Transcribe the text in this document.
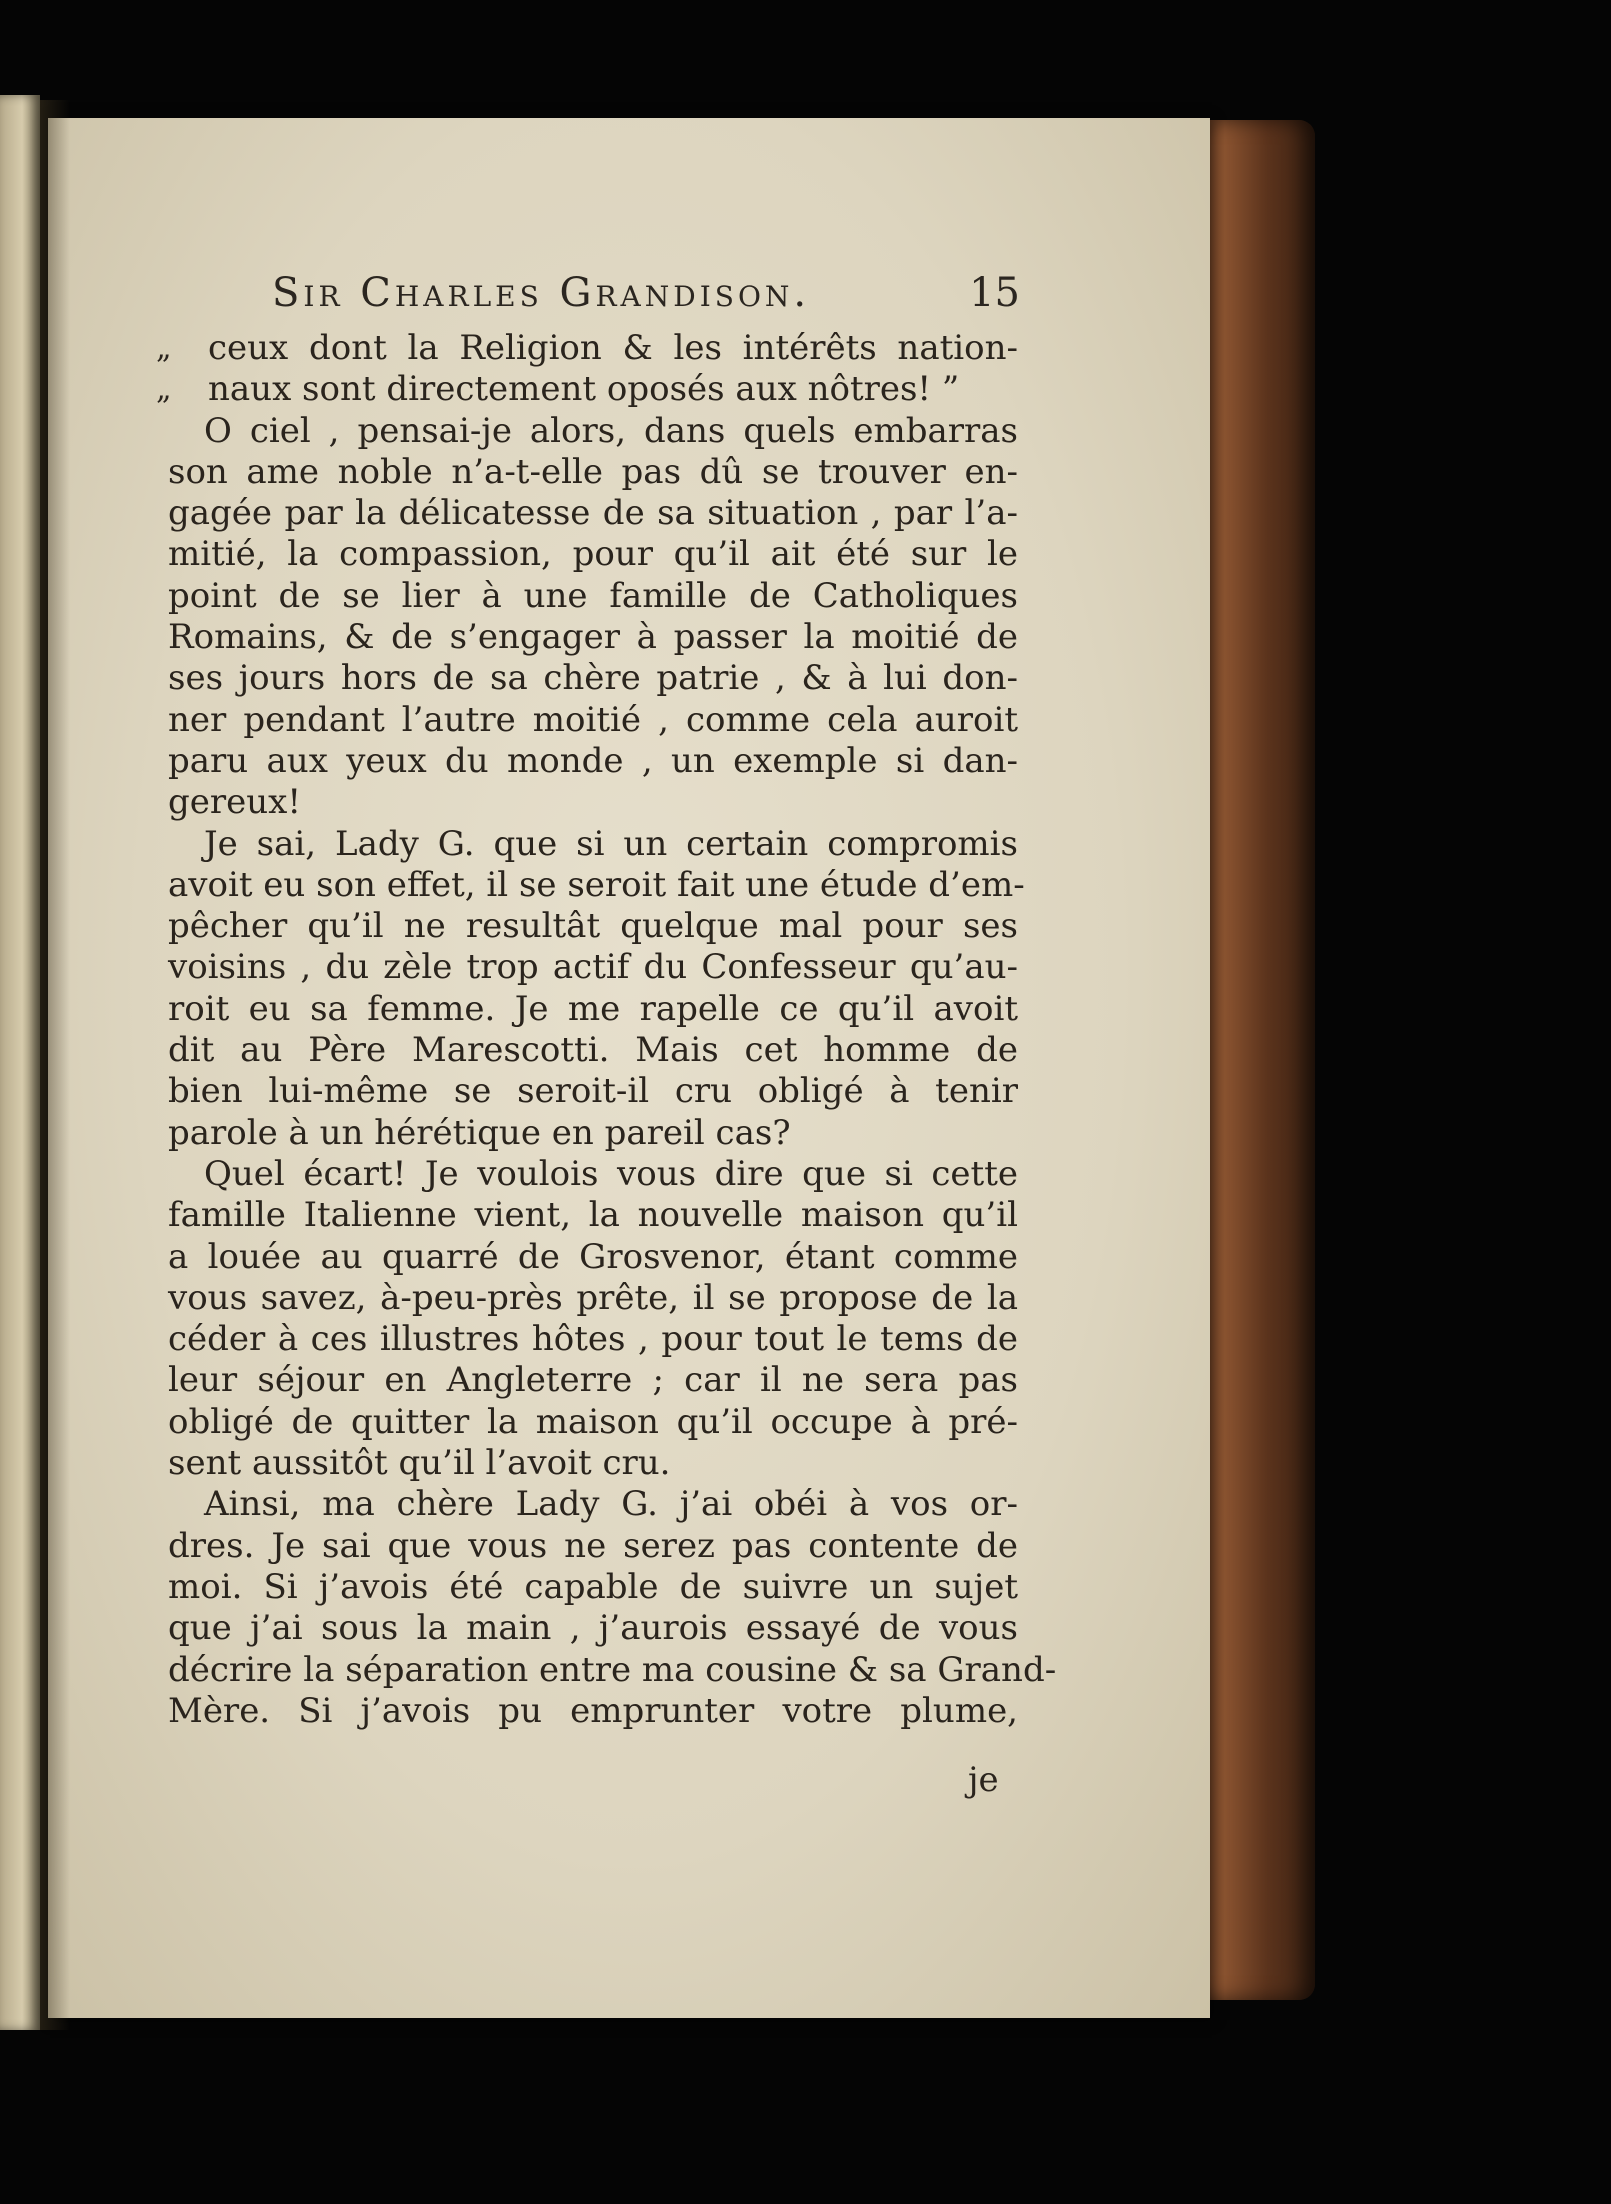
Sir Charles Grandison.	15
„ ceux dont la Religion & les intérêts nation-
„ naux sont directement oposés aux nôtres! ”
O ciel , pensai-je alors, dans quels embarras
son ame noble n’a-t-elle pas dû se trouver en-
gagée par la délicatesse de sa situation , par l’a-
mitié, la compassion, pour qu’il ait été sur le
point de se lier à une famille de Catholiques
Romains, & de s’engager à passer la moitié de
ses jours hors de sa chère patrie , & à lui don-
ner pendant l’autre moitié , comme cela auroit
paru aux yeux du monde , un exemple si dan-
gereux!
Je sai, Lady G. que si un certain compromis
avoit eu son effet, il se seroit fait une étude d’em-
pêcher qu’il ne resultât quelque mal pour ses
voisins , du zèle trop actif du Confesseur qu’au-
roit eu sa femme. Je me rapelle ce qu’il avoit
dit au Père Marescotti. Mais cet homme de
bien lui-même se seroit-il cru obligé à tenir
parole à un hérétique en pareil cas?
Quel écart! Je voulois vous dire que si cette
famille Italienne vient, la nouvelle maison qu’il
a louée au quarré de Grosvenor, étant comme
vous savez, à-peu-près prête, il se propose de la
céder à ces illustres hôtes , pour tout le tems de
leur séjour en Angleterre ; car il ne sera pas
obligé de quitter la maison qu’il occupe à pré-
sent aussitôt qu’il l’avoit cru.
Ainsi, ma chère Lady G. j’ai obéi à vos or-
dres. Je sai que vous ne serez pas contente de
moi. Si j’avois été capable de suivre un sujet
que j’ai sous la main , j’aurois essayé de vous
décrire la séparation entre ma cousine & sa Grand-
Mère. Si j’avois pu emprunter votre plume,
je
